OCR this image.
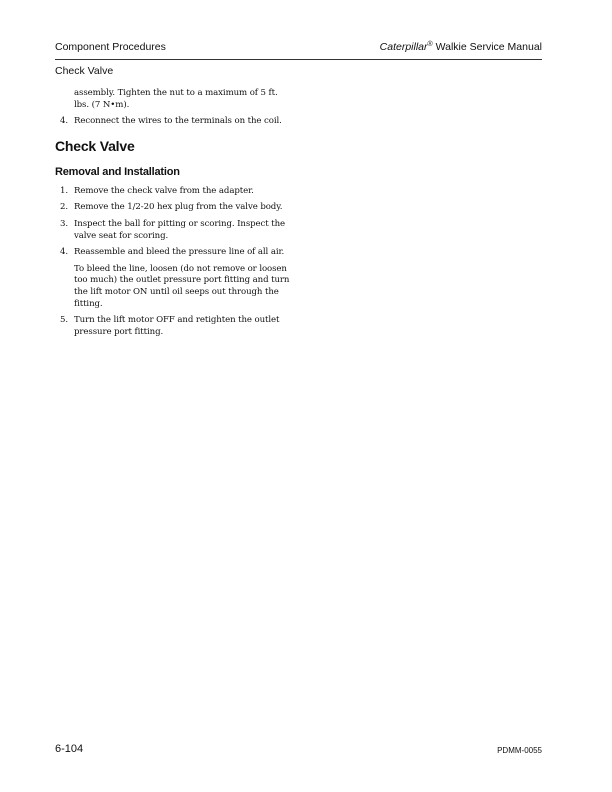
Component Procedures	Caterpillar® Walkie Service Manual
Check Valve
assembly. Tighten the nut to a maximum of 5 ft. lbs. (7 N•m).
4. Reconnect the wires to the terminals on the coil.
Check Valve
Removal and Installation
1. Remove the check valve from the adapter.
2. Remove the 1/2-20 hex plug from the valve body.
3. Inspect the ball for pitting or scoring. Inspect the valve seat for scoring.
4. Reassemble and bleed the pressure line of all air.
To bleed the line, loosen (do not remove or loosen too much) the outlet pressure port fitting and turn the lift motor ON until oil seeps out through the fitting.
5. Turn the lift motor OFF and retighten the outlet pressure port fitting.
6-104	PDMM-0055
